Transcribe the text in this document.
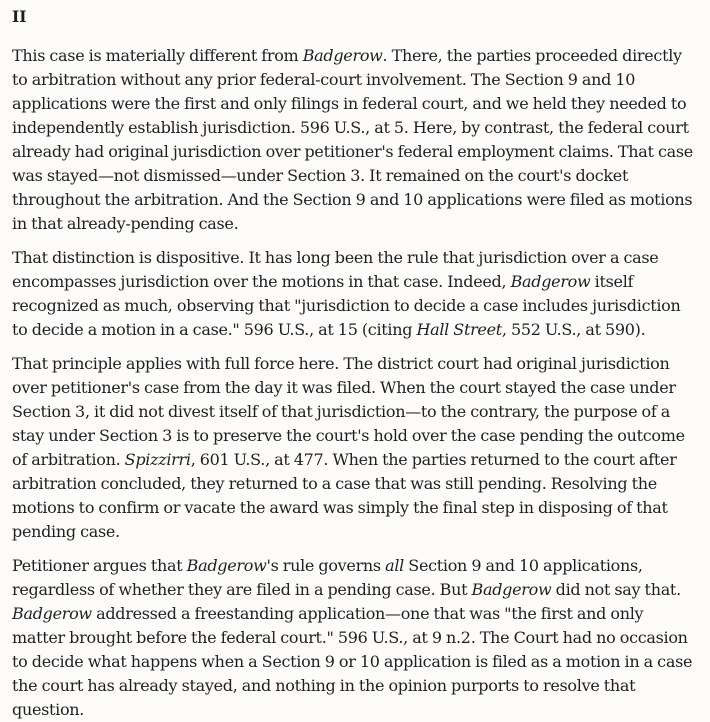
II

This case is materially different from Badgerow. There, the parties proceeded directly to arbitration without any prior federal-court involvement. The Section 9 and 10 applications were the first and only filings in federal court, and we held they needed to independently establish jurisdiction. 596 U.S., at 5. Here, by contrast, the federal court already had original jurisdiction over petitioner's federal employment claims. That case was stayed—not dismissed—under Section 3. It remained on the court's docket throughout the arbitration. And the Section 9 and 10 applications were filed as motions in that already-pending case.

That distinction is dispositive. It has long been the rule that jurisdiction over a case encompasses jurisdiction over the motions in that case. Indeed, Badgerow itself recognized as much, observing that "jurisdiction to decide a case includes jurisdiction to decide a motion in a case." 596 U.S., at 15 (citing Hall Street, 552 U.S., at 590).

That principle applies with full force here. The district court had original jurisdiction over petitioner's case from the day it was filed. When the court stayed the case under Section 3, it did not divest itself of that jurisdiction—to the contrary, the purpose of a stay under Section 3 is to preserve the court's hold over the case pending the outcome of arbitration. Spizzirri, 601 U.S., at 477. When the parties returned to the court after arbitration concluded, they returned to a case that was still pending. Resolving the motions to confirm or vacate the award was simply the final step in disposing of that pending case.

Petitioner argues that Badgerow's rule governs all Section 9 and 10 applications, regardless of whether they are filed in a pending case. But Badgerow did not say that. Badgerow addressed a freestanding application—one that was "the first and only matter brought before the federal court." 596 U.S., at 9 n.2. The Court had no occasion to decide what happens when a Section 9 or 10 application is filed as a motion in a case the court has already stayed, and nothing in the opinion purports to resolve that question.
